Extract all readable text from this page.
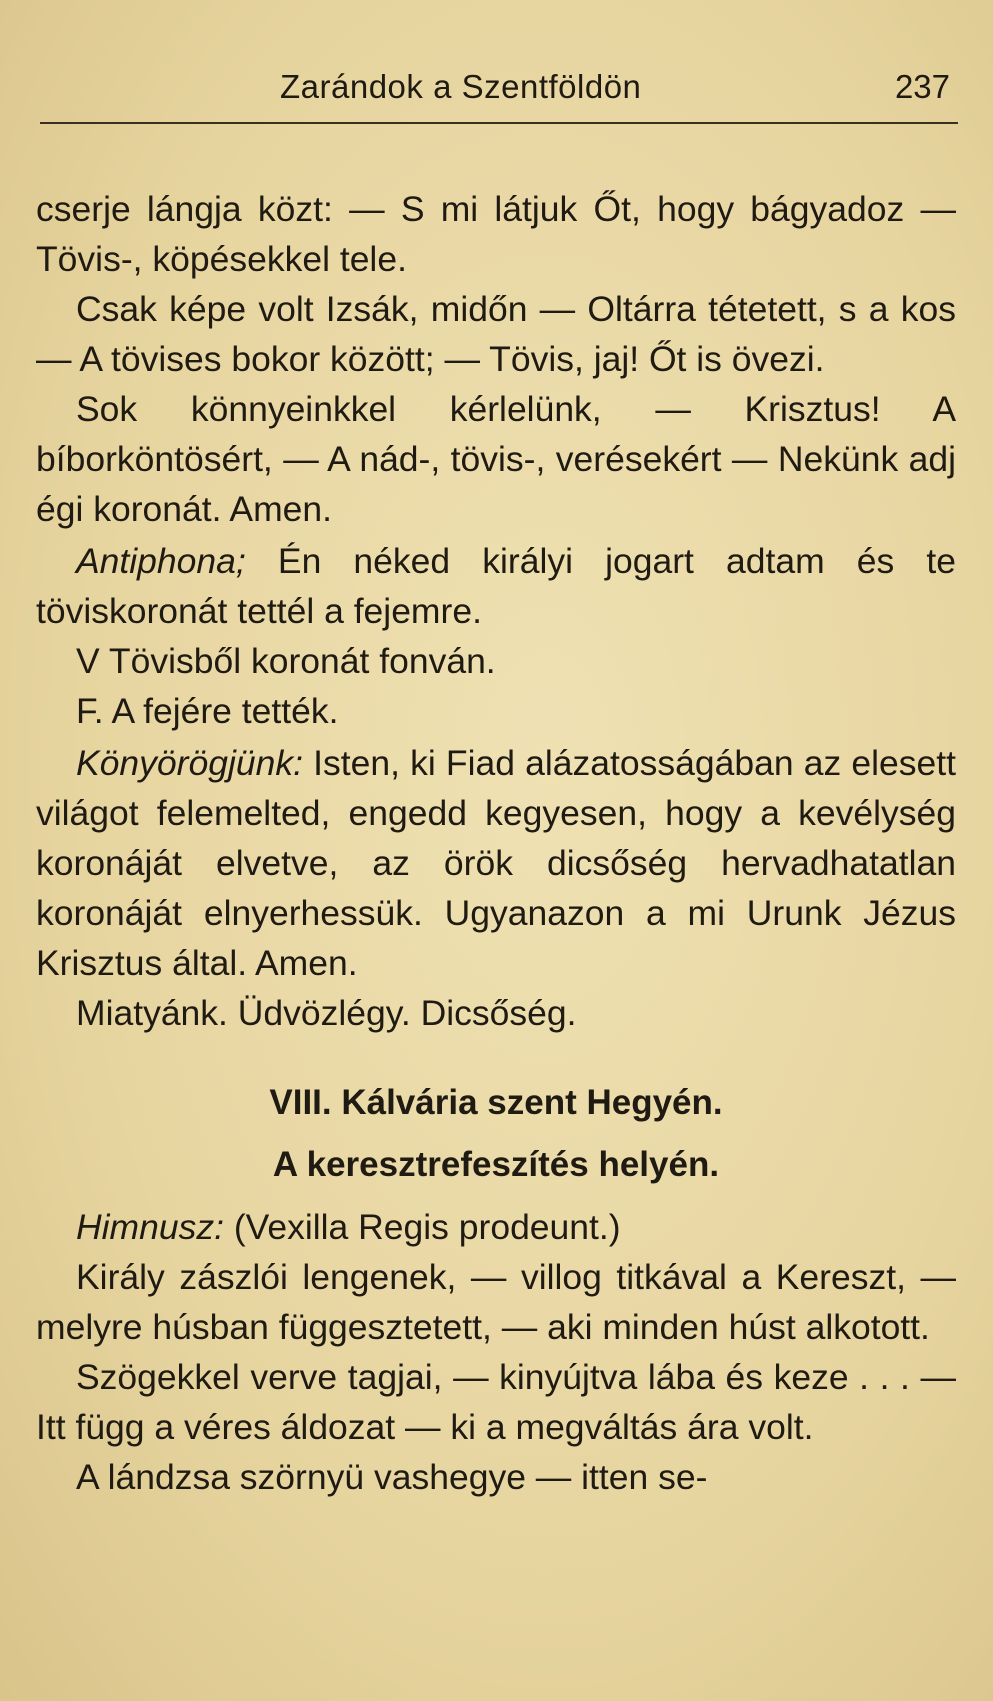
Zarándok a Szentföldön	237

cserje lángja közt: — S mi látjuk Őt, hogy bágyadoz — Tövis-, köpésekkel tele.

Csak képe volt Izsák, midőn — Oltárra tétetett, s a kos — A tövises bokor között; — Tövis, jaj! Őt is övezi.

Sok könnyeinkkel kérlelünk, — Krisztus! A bíborköntösért, — A nád-, tövis-, verésekért — Nekünk adj égi koronát. Amen.

Antiphona; Én néked királyi jogart adtam és te töviskoronát tettél a fejemre.

V Tövisből koronát fonván.

F. A fejére tették.

Könyörögjünk: Isten, ki Fiad alázatosságában az elesett világot felemelted, engedd kegyesen, hogy a kevélység koronáját elvetve, az örök dicsőség hervadhatatlan koronáját elnyerhessük. Ugyanazon a mi Urunk Jézus Krisztus által. Amen.

Miatyánk. Üdvözlégy. Dicsőség.

VIII. Kálvária szent Hegyén.
A keresztrefeszítés helyén.

Himnusz: (Vexilla Regis prodeunt.)

Király zászlói lengenek, — villog titkával a Kereszt, — melyre húsban függesztetett, — aki minden húst alkotott.

Szögekkel verve tagjai, — kinyújtva lába és keze . . . — Itt függ a véres áldozat — ki a megváltás ára volt.

A lándzsa szörnyü vashegye — itten se-
